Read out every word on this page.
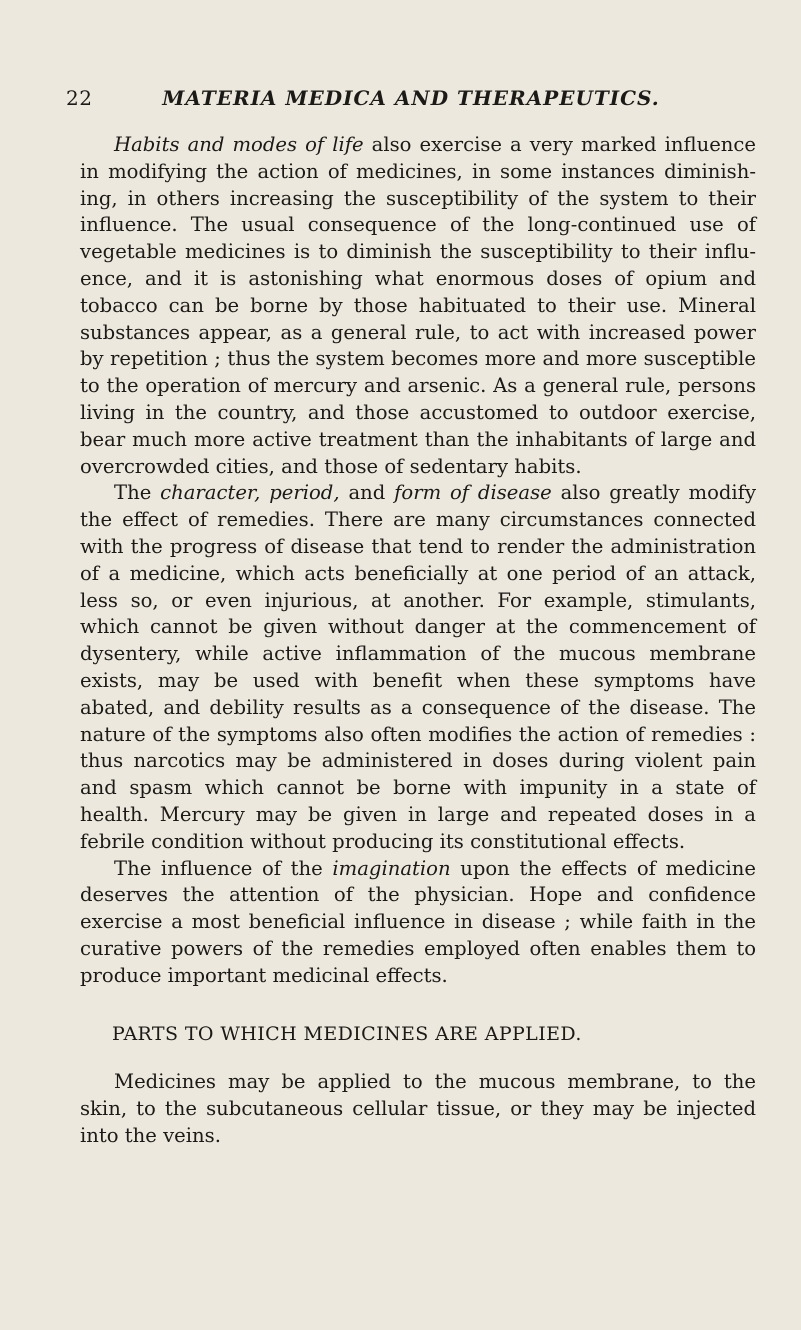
22	MATERIA MEDICA AND THERAPEUTICS.

Habits and modes of life also exercise a very marked influence in modifying the action of medicines, in some instances diminishing, in others increasing the susceptibility of the system to their influence. The usual consequence of the long-continued use of vegetable medicines is to diminish the susceptibility to their influence, and it is astonishing what enormous doses of opium and tobacco can be borne by those habituated to their use. Mineral substances appear, as a general rule, to act with increased power by repetition ; thus the system becomes more and more susceptible to the operation of mercury and arsenic. As a general rule, persons living in the country, and those accustomed to outdoor exercise, bear much more active treatment than the inhabitants of large and overcrowded cities, and those of sedentary habits.

The character, period, and form of disease also greatly modify the effect of remedies. There are many circumstances connected with the progress of disease that tend to render the administration of a medicine, which acts beneficially at one period of an attack, less so, or even injurious, at another. For example, stimulants, which cannot be given without danger at the commencement of dysentery, while active inflammation of the mucous membrane exists, may be used with benefit when these symptoms have abated, and debility results as a consequence of the disease. The nature of the symptoms also often modifies the action of remedies : thus narcotics may be administered in doses during violent pain and spasm which cannot be borne with impunity in a state of health. Mercury may be given in large and repeated doses in a febrile condition without producing its constitutional effects.

The influence of the imagination upon the effects of medicine deserves the attention of the physician. Hope and confidence exercise a most beneficial influence in disease ; while faith in the curative powers of the remedies employed often enables them to produce important medicinal effects.

PARTS TO WHICH MEDICINES ARE APPLIED.

Medicines may be applied to the mucous membrane, to the skin, to the subcutaneous cellular tissue, or they may be injected into the veins.
